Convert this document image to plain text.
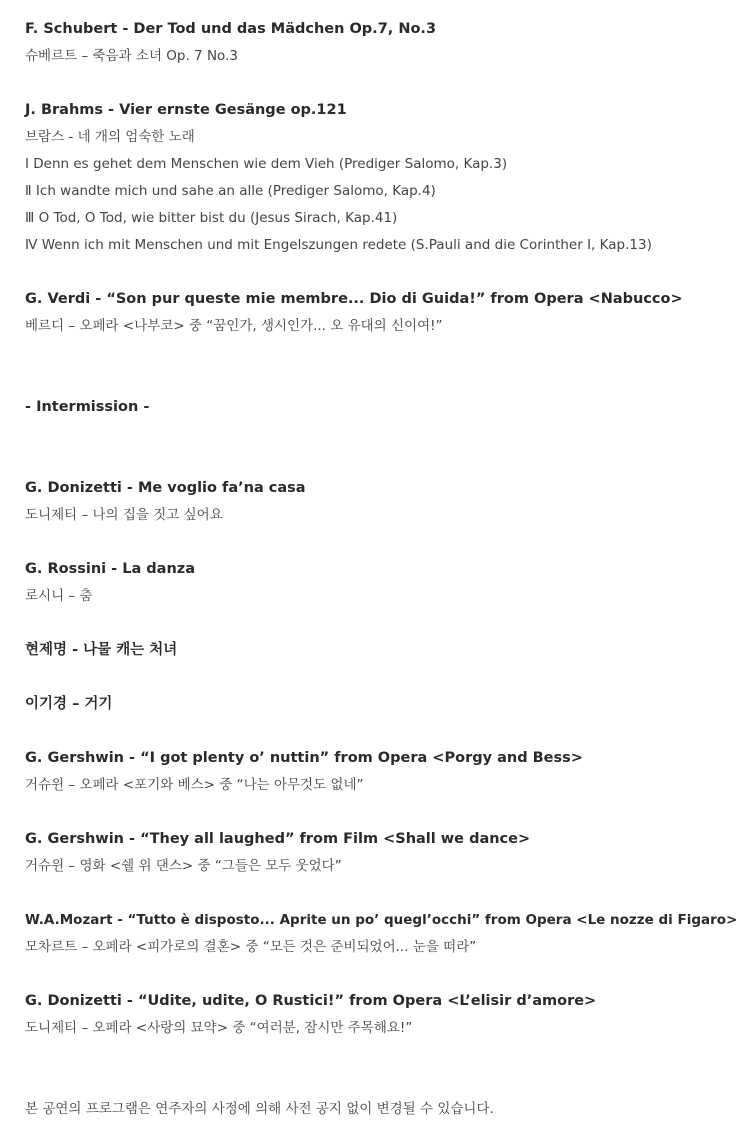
F. Schubert - Der Tod und das Mädchen Op.7, No.3
슈베르트 – 죽음과 소녀 Op. 7 No.3
J. Brahms - Vier ernste Gesänge op.121
브람스 - 네 개의 엄숙한 노래
Ⅰ Denn es gehet dem Menschen wie dem Vieh (Prediger Salomo, Kap.3)
Ⅱ Ich wandte mich und sahe an alle (Prediger Salomo, Kap.4)
Ⅲ O Tod, O Tod, wie bitter bist du (Jesus Sirach, Kap.41)
Ⅳ Wenn ich mit Menschen und mit Engelszungen redete (S.Pauli and die Corinther Ⅰ, Kap.13)
G. Verdi - “Son pur queste mie membre... Dio di Guida!” from Opera <Nabucco>
베르디 – 오페라 <나부코> 중 “꿈인가, 생시인가... 오 유대의 신이여!”
- Intermission -
G. Donizetti - Me voglio fa’na casa
도니제티 – 나의 집을 짓고 싶어요
G. Rossini - La danza
로시니 – 춤
현제명 - 나물 캐는 처녀
이기경 – 거기
G. Gershwin - “I got plenty o’ nuttin” from Opera <Porgy and Bess>
거슈윈 – 오페라 <포기와 베스> 중 “나는 아무것도 없네”
G. Gershwin - “They all laughed” from Film <Shall we dance>
거슈윈 – 영화 <쉘 위 댄스> 중 “그들은 모두 웃었다”
W.A.Mozart - “Tutto è disposto... Aprite un po’ quegl’occhi” from Opera <Le nozze di Figaro>
모차르트 – 오페라 <피가로의 결혼> 중 “모든 것은 준비되었어... 눈을 떠라”
G. Donizetti - “Udite, udite, O Rustici!” from Opera <L’elisir d’amore>
도니제티 – 오페라 <사랑의 묘약> 중 “여러분, 잠시만 주목해요!”
본 공연의 프로그램은 연주자의 사정에 의해 사전 공지 없이 변경될 수 있습니다.
